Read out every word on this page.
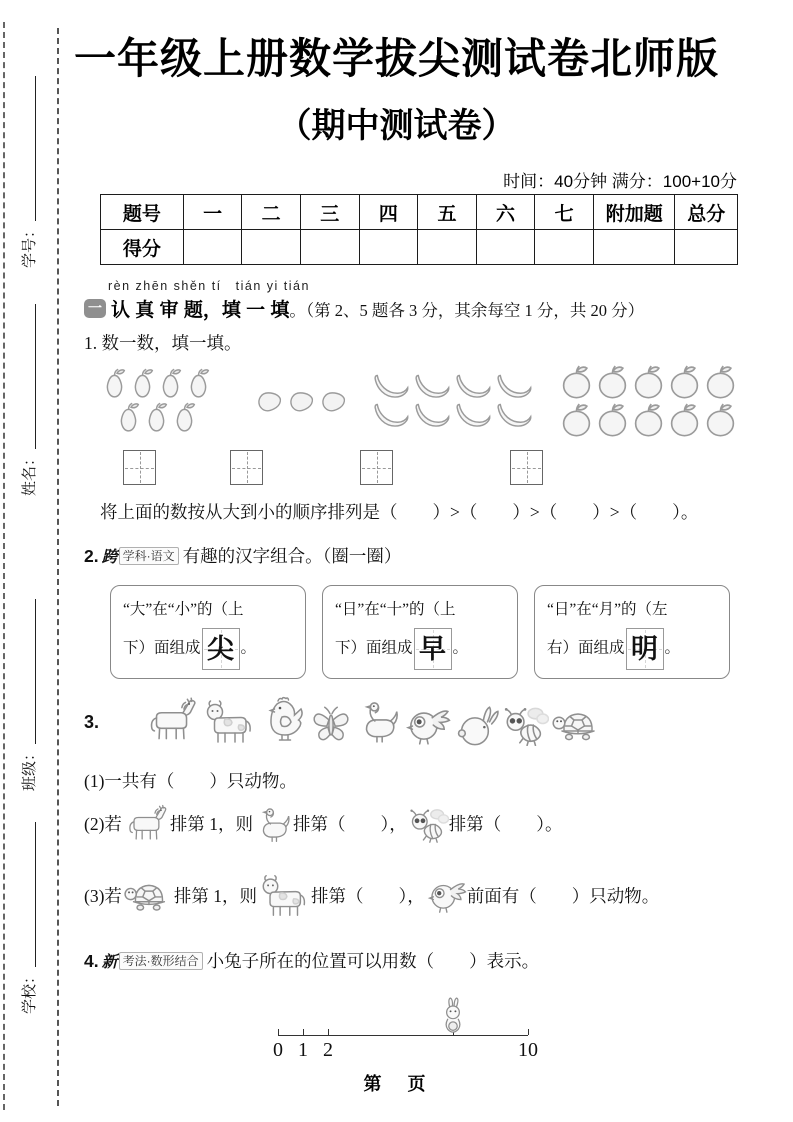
学号：
姓名：
班级：
学校：
一年级上册数学拔尖测试卷北师版
（期中测试卷）
时间：40分钟 满分：100+10分
题号	一	二	三	四	五	六	七	附加题	总分
得分									
rèn zhēn shěn tí　tián yi tián
一 认 真 审 题，填 一 填 。（第 2、5 题各 3 分，其余每空 1 分，共 20 分）
1. 数一数，填一填。
将上面的数按从大到小的顺序排列是（　　）>（　　）>（　　）>（　　）。
2. 跨 学科·语文 有趣的汉字组合。（圈一圈）
“大”在“小”的（上
下）面组成 尖 。
“日”在“十”的（上
下）面组成 早 。
“日”在“月”的（左
右）面组成 明 。
3.
(1)一共有（　　）只动物。
(2)若	排第 1，则 排第（　　）， 排第（　　）。
(3)若	排第 1，则	排第（　　）， 前面有（　　）只动物。
4. 新 考法·数形结合 小兔子所在的位置可以用数（　　）表示。
0 1 2	10
第　页
